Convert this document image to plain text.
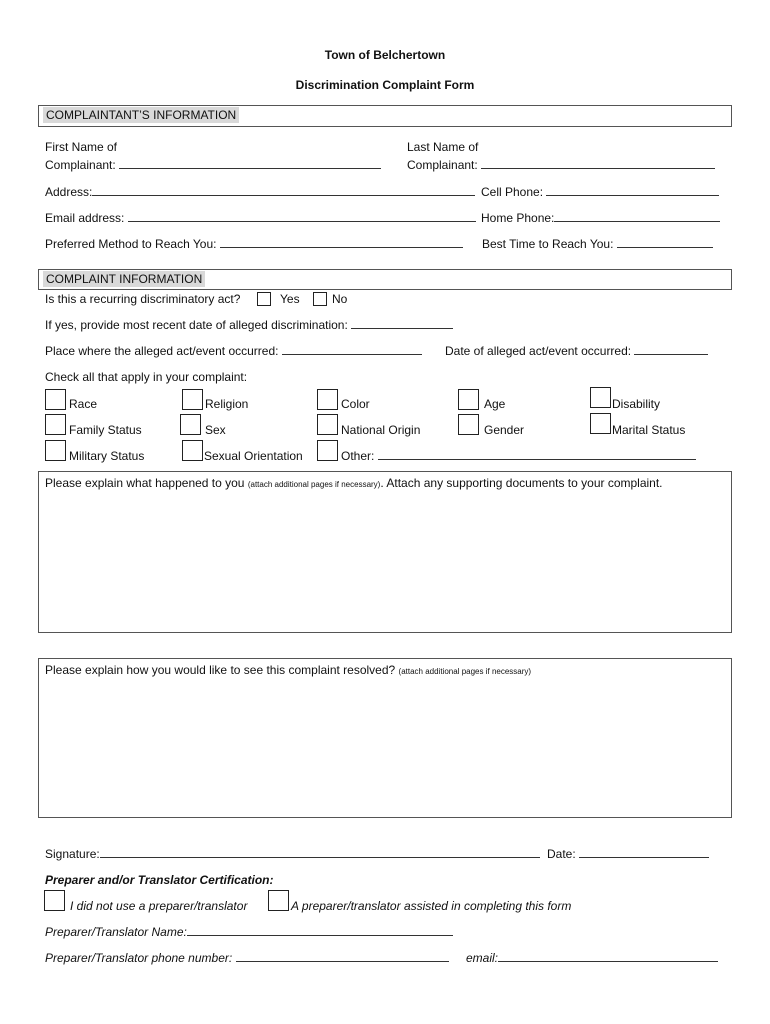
Town of Belchertown
Discrimination Complaint Form
COMPLAINTANT’S INFORMATION
First Name of
Complainant:
Last Name of
Complainant:
Address:	Cell Phone:
Email address:	Home Phone:
Preferred Method to Reach You:	Best Time to Reach You:
COMPLAINT INFORMATION
Is this a recurring discriminatory act?	Yes	No
If yes, provide most recent date of alleged discrimination:
Place where the alleged act/event occurred:	Date of alleged act/event occurred:
Check all that apply in your complaint:
Race	Religion	Color	Age	Disability
Family Status	Sex	National Origin	Gender	Marital Status
Military Status	Sexual Orientation	Other:
Please explain what happened to you (attach additional pages if necessary). Attach any supporting documents to your complaint.
Please explain how you would like to see this complaint resolved? (attach additional pages if necessary)
Signature:	Date:
Preparer and/or Translator Certification:
I did not use a preparer/translator	A preparer/translator assisted in completing this form
Preparer/Translator Name:
Preparer/Translator phone number:	email:
